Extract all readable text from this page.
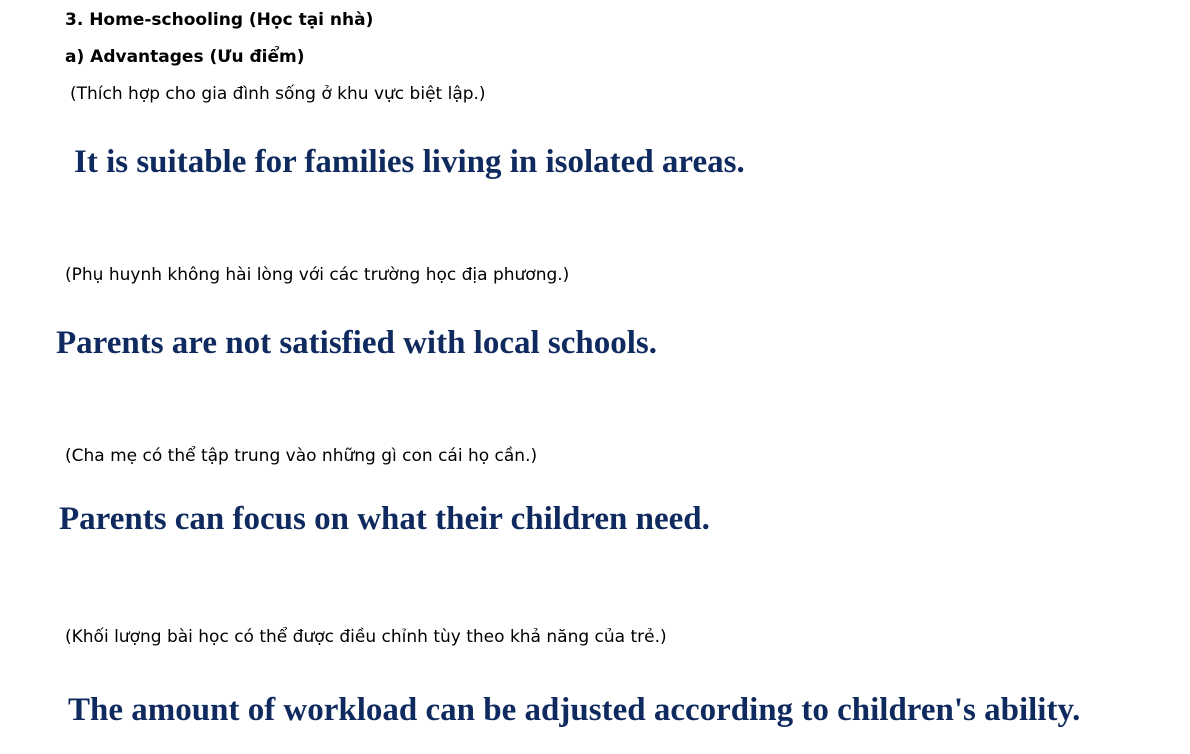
3. Home-schooling (Học tại nhà)
a) Advantages (Ưu điểm)
(Thích hợp cho gia đình sống ở khu vực biệt lập.)
It is suitable for families living in isolated areas.
(Phụ huynh không hài lòng với các trường học địa phương.)
Parents are not satisfied with local schools.
(Cha mẹ có thể tập trung vào những gì con cái họ cần.)
Parents can focus on what their children need.
(Khối lượng bài học có thể được điều chỉnh tùy theo khả năng của trẻ.)
The amount of workload can be adjusted according to children's ability.
